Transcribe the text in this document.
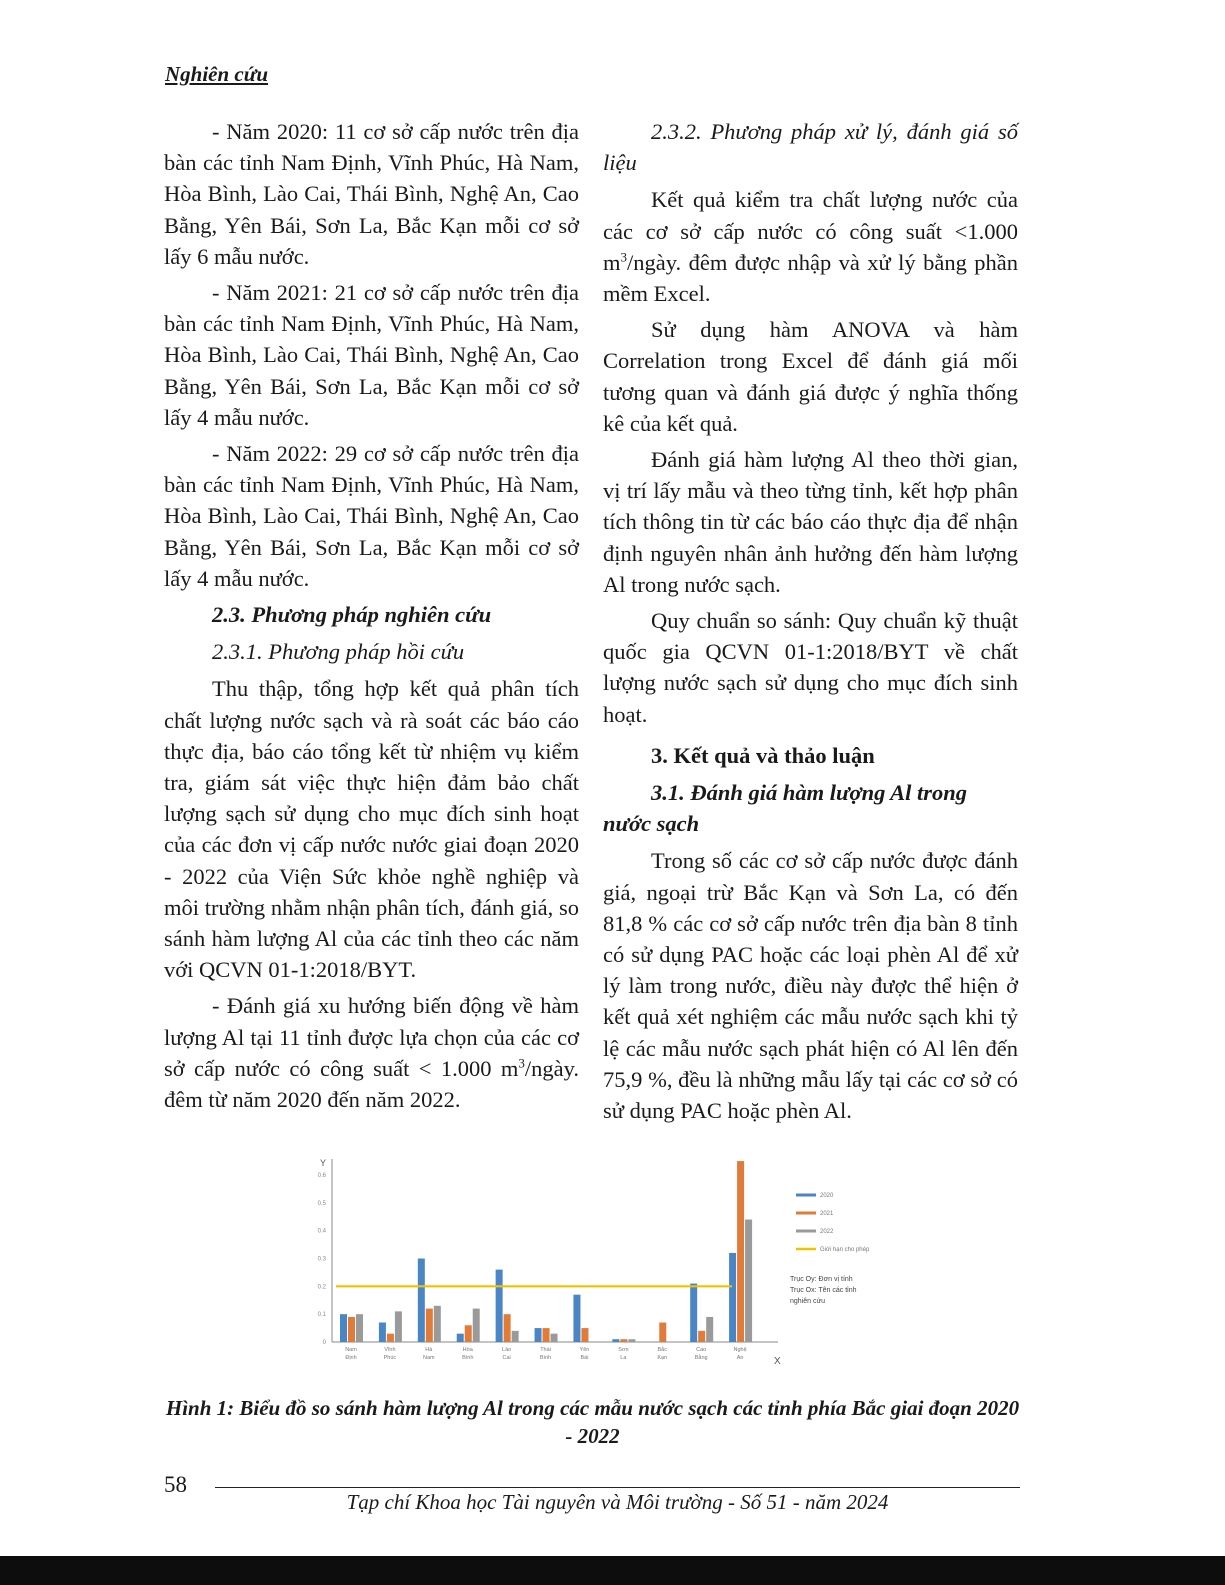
Nghiên cứu

- Năm 2020: 11 cơ sở cấp nước trên địa bàn các tỉnh Nam Định, Vĩnh Phúc, Hà Nam, Hòa Bình, Lào Cai, Thái Bình, Nghệ An, Cao Bằng, Yên Bái, Sơn La, Bắc Kạn mỗi cơ sở lấy 6 mẫu nước.

- Năm 2021: 21 cơ sở cấp nước trên địa bàn các tỉnh Nam Định, Vĩnh Phúc, Hà Nam, Hòa Bình, Lào Cai, Thái Bình, Nghệ An, Cao Bằng, Yên Bái, Sơn La, Bắc Kạn mỗi cơ sở lấy 4 mẫu nước.

- Năm 2022: 29 cơ sở cấp nước trên địa bàn các tỉnh Nam Định, Vĩnh Phúc, Hà Nam, Hòa Bình, Lào Cai, Thái Bình, Nghệ An, Cao Bằng, Yên Bái, Sơn La, Bắc Kạn mỗi cơ sở lấy 4 mẫu nước.

2.3. Phương pháp nghiên cứu
2.3.1. Phương pháp hồi cứu

Thu thập, tổng hợp kết quả phân tích chất lượng nước sạch và rà soát các báo cáo thực địa, báo cáo tổng kết từ nhiệm vụ kiểm tra, giám sát việc thực hiện đảm bảo chất lượng sạch sử dụng cho mục đích sinh hoạt của các đơn vị cấp nước nước giai đoạn 2020 - 2022 của Viện Sức khỏe nghề nghiệp và môi trường nhằm nhận phân tích, đánh giá, so sánh hàm lượng Al của các tỉnh theo các năm với QCVN 01-1:2018/BYT.

- Đánh giá xu hướng biến động về hàm lượng Al tại 11 tỉnh được lựa chọn của các cơ sở cấp nước có công suất < 1.000 $m^3$/ngày. đêm từ năm 2020 đến năm 2022.

2.3.2. Phương pháp xử lý, đánh giá số liệu

Kết quả kiểm tra chất lượng nước của các cơ sở cấp nước có công suất <1.000 $m^3$/ngày. đêm được nhập và xử lý bằng phần mềm Excel.

Sử dụng hàm ANOVA và hàm Correlation trong Excel để đánh giá mối tương quan và đánh giá được ý nghĩa thống kê của kết quả.

Đánh giá hàm lượng Al theo thời gian, vị trí lấy mẫu và theo từng tỉnh, kết hợp phân tích thông tin từ các báo cáo thực địa để nhận định nguyên nhân ảnh hưởng đến hàm lượng Al trong nước sạch.

Quy chuẩn so sánh: Quy chuẩn kỹ thuật quốc gia QCVN 01-1:2018/BYT về chất lượng nước sạch sử dụng cho mục đích sinh hoạt.

3. Kết quả và thảo luận
3.1. Đánh giá hàm lượng Al trong nước sạch

Trong số các cơ sở cấp nước được đánh giá, ngoại trừ Bắc Kạn và Sơn La, có đến 81,8 % các cơ sở cấp nước trên địa bàn 8 tỉnh có sử dụng PAC hoặc các loại phèn Al để xử lý làm trong nước, điều này được thể hiện ở kết quả xét nghiệm các mẫu nước sạch khi tỷ lệ các mẫu nước sạch phát hiện có Al lên đến 75,9 %, đều là những mẫu lấy tại các cơ sở có sử dụng PAC hoặc phèn Al.

Y
X
0
0.1
0.2
0.3
0.4
0.5
0.6
Nam
Định
Vĩnh
Phúc
Hà
Nam
Hòa
Bình
Lào
Cai
Thái
Bình
Yên
Bái
Sơn
La
Bắc
Kạn
Cao
Bằng
Nghệ
An
2020
2021
2022
Giới hạn cho phép
Trục Oy: Đơn vị tính
Trục Ox: Tên các tỉnh
nghiên cứu

Hình 1: Biểu đồ so sánh hàm lượng Al trong các mẫu nước sạch các tỉnh phía Bắc giai đoạn 2020 - 2022

58

Tạp chí Khoa học Tài nguyên và Môi trường - Số 51 - năm 2024
